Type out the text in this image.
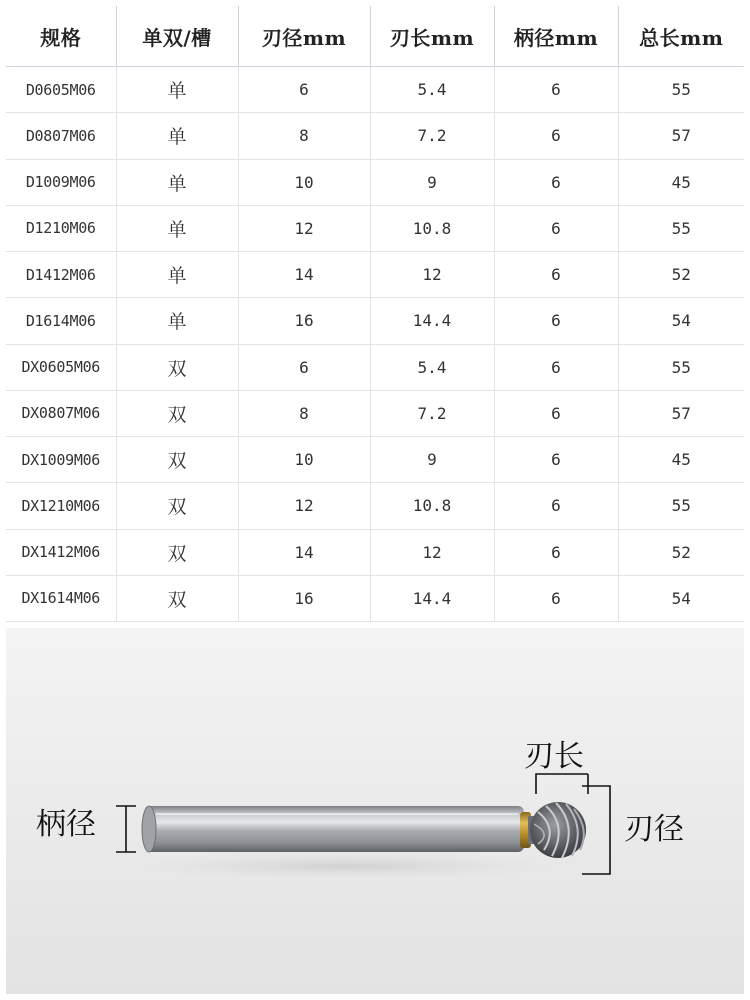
规格	单双/槽	刃径mm	刃长mm	柄径mm	总长mm
D0605M06	单	6	5.4	6	55
D0807M06	单	8	7.2	6	57
D1009M06	单	10	9	6	45
D1210M06	单	12	10.8	6	55
D1412M06	单	14	12	6	52
D1614M06	单	16	14.4	6	54
DX0605M06	双	6	5.4	6	55
DX0807M06	双	8	7.2	6	57
DX1009M06	双	10	9	6	45
DX1210M06	双	12	10.8	6	55
DX1412M06	双	14	12	6	52
DX1614M06	双	16	14.4	6	54
柄径
刃长
刃径
